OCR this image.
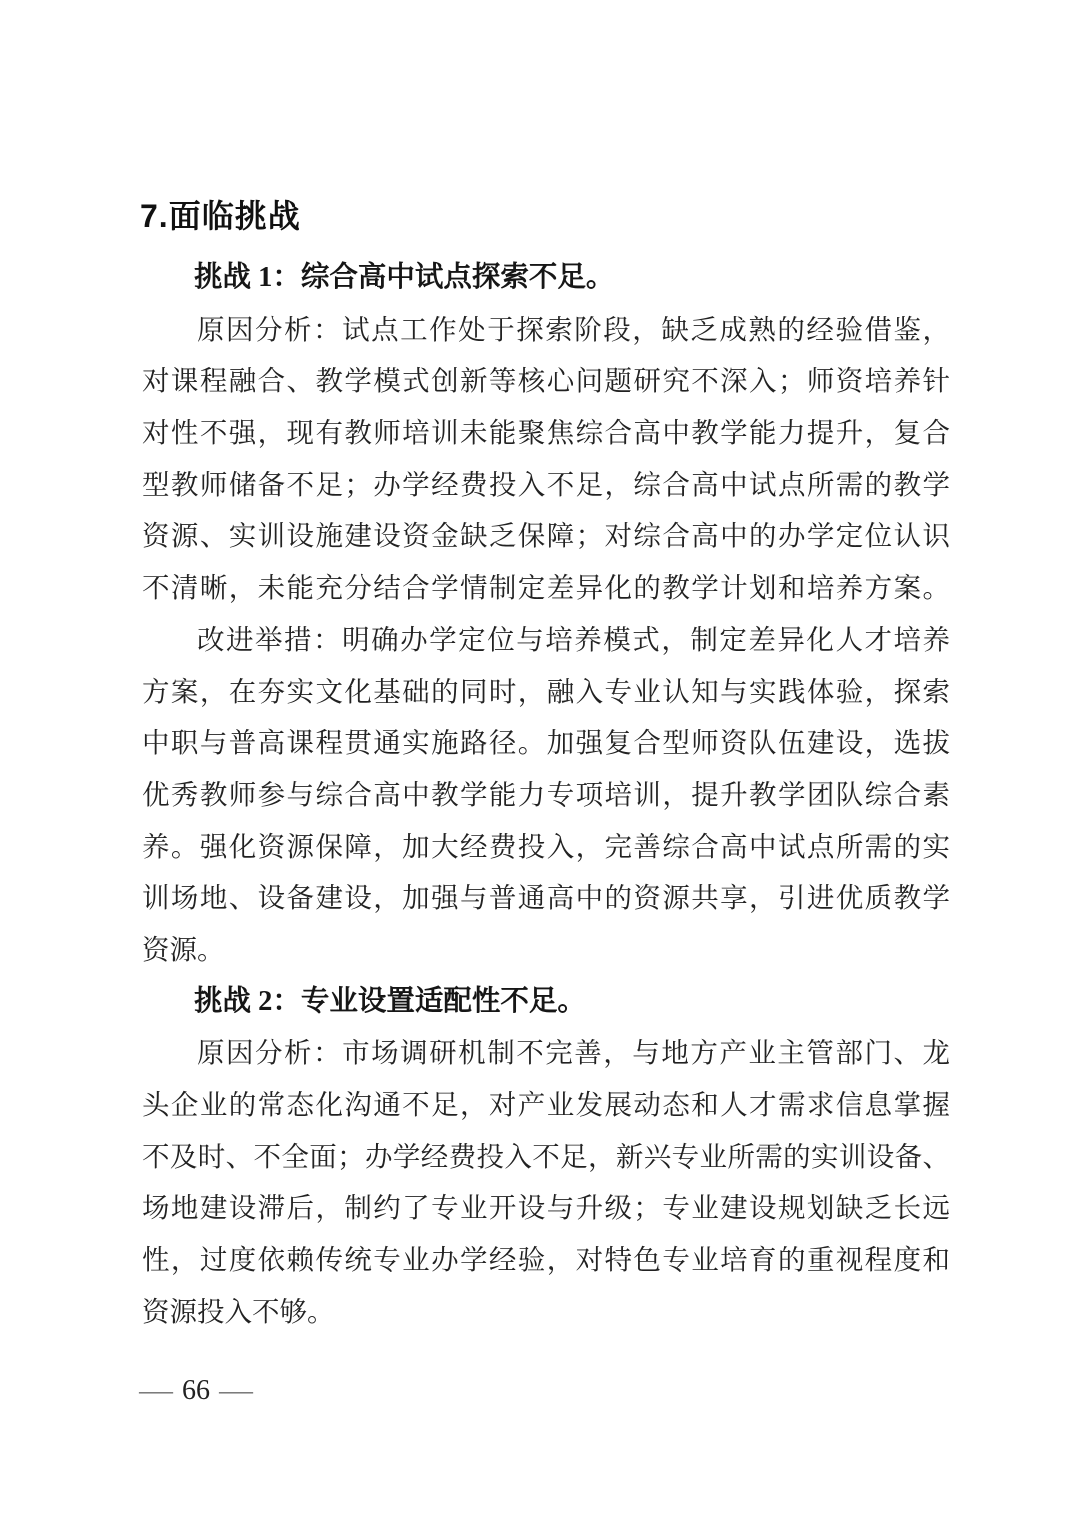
7.面临挑战
挑战 1：综合高中试点探索不足。
原因分析：试点工作处于探索阶段，缺乏成熟的经验借鉴，
对课程融合、教学模式创新等核心问题研究不深入；师资培养针
对性不强，现有教师培训未能聚焦综合高中教学能力提升，复合
型教师储备不足；办学经费投入不足，综合高中试点所需的教学
资源、实训设施建设资金缺乏保障；对综合高中的办学定位认识
不清晰，未能充分结合学情制定差异化的教学计划和培养方案。
改进举措：明确办学定位与培养模式，制定差异化人才培养
方案，在夯实文化基础的同时，融入专业认知与实践体验，探索
中职与普高课程贯通实施路径。加强复合型师资队伍建设，选拔
优秀教师参与综合高中教学能力专项培训，提升教学团队综合素
养。强化资源保障，加大经费投入，完善综合高中试点所需的实
训场地、设备建设，加强与普通高中的资源共享，引进优质教学
资源。
挑战 2：专业设置适配性不足。
原因分析：市场调研机制不完善，与地方产业主管部门、龙
头企业的常态化沟通不足，对产业发展动态和人才需求信息掌握
不及时、不全面；办学经费投入不足，新兴专业所需的实训设备、
场地建设滞后，制约了专业开设与升级；专业建设规划缺乏长远
性，过度依赖传统专业办学经验，对特色专业培育的重视程度和
资源投入不够。
— 66 —
